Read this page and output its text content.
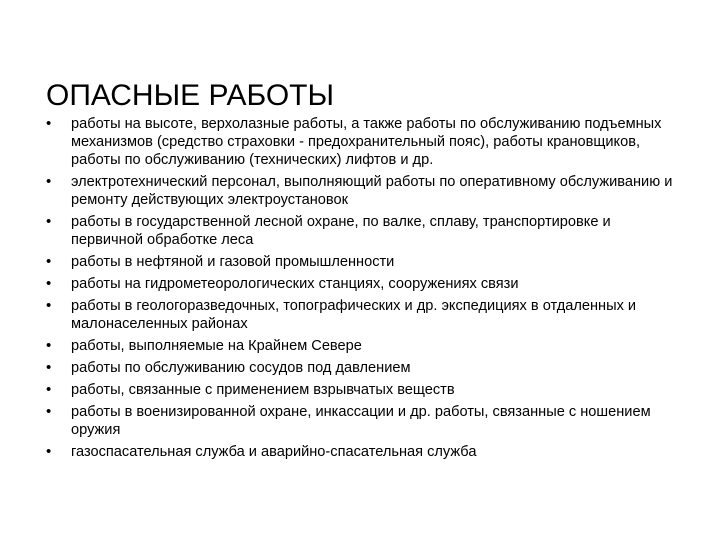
ОПАСНЫЕ РАБОТЫ
• работы на высоте, верхолазные работы, а также работы по обслуживанию подъемных механизмов (средство страховки - предохранительный пояс), работы крановщиков, работы по обслуживанию (технических) лифтов и др.
• электротехнический персонал, выполняющий работы по оперативному обслуживанию и ремонту действующих электроустановок
• работы в государственной лесной охране, по валке, сплаву, транспортировке и первичной обработке леса
• работы в нефтяной и газовой промышленности
• работы на гидрометеорологических станциях, сооружениях связи
• работы в геологоразведочных, топографических и др. экспедициях в отдаленных и малонаселенных районах
• работы, выполняемые на Крайнем Севере
• работы по обслуживанию сосудов под давлением
• работы, связанные с применением взрывчатых веществ
• работы в военизированной охране, инкассации и др. работы, связанные с ношением оружия
• газоспасательная служба и аварийно-спасательная служба
